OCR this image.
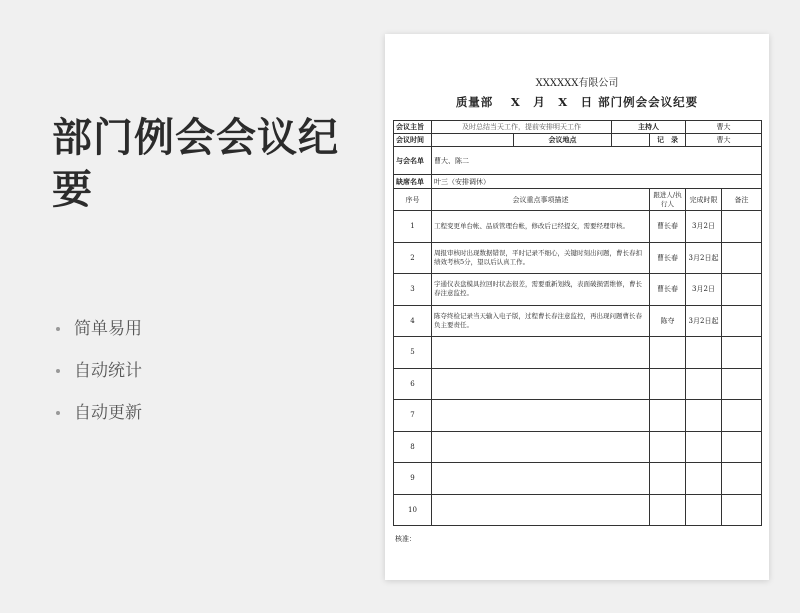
部门例会会议纪要
简单易用
自动统计
自动更新
XXXXXX有限公司
质量部　 X　月　X　日 部门例会会议纪要
会议主旨	及时总结当天工作，提前安排明天工作		主持人		曹大	
会议时间		会议地点		记　录	曹大	
与会名单	曹大、陈二					
缺席名单	叶三（安排调休）					
序号	会议重点事项描述			跟进人/执行人	完成时限	备注
1	工程变更单台帐、品质管理台帐，修改后已经提交，需要经理审核。			曹长春	3月2日	
2	周报审核时出现数据错误，平时记录不细心，关键时刻出问题，曹长春扣绩效考核5分，望以后认真工作。			曹长春	3月2日起	
3	宇通仪表盘模具拉回时状态很差，需要重新划线，表面破损需维修，曹长春注意监控。			曹长春	3月2日	
4	陈夺终检记录当天输入电子版，过程曹长春注意监控，再出现问题曹长春负主要责任。			陈夺	3月2日起	
5						
6						
7						
8						
9						
10						
核准：
